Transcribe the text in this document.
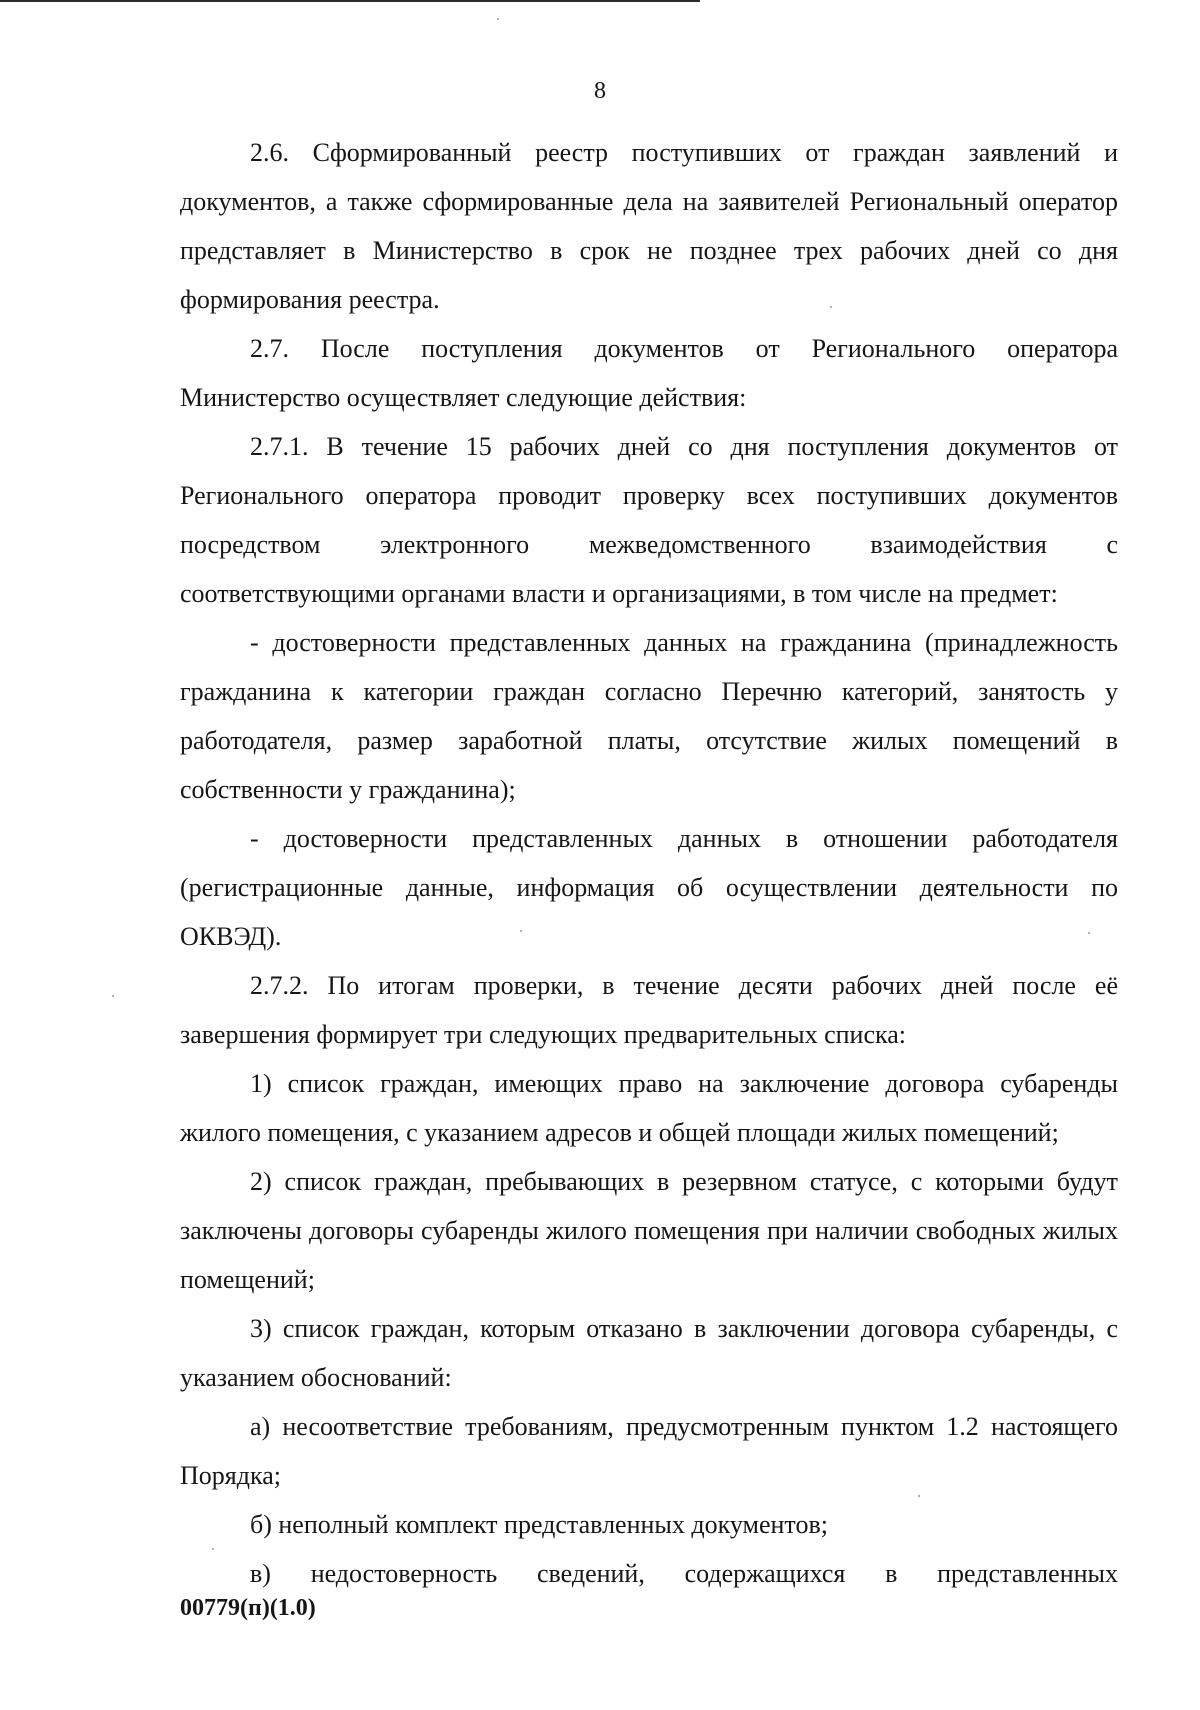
8

2.6. Сформированный реестр поступивших от граждан заявлений и документов, а также сформированные дела на заявителей Региональный оператор представляет в Министерство в срок не позднее трех рабочих дней со дня формирования реестра.

2.7. После поступления документов от Регионального оператора Министерство осуществляет следующие действия:

2.7.1. В течение 15 рабочих дней со дня поступления документов от Регионального оператора проводит проверку всех поступивших документов посредством электронного межведомственного взаимодействия с соответствующими органами власти и организациями, в том числе на предмет:

- достоверности представленных данных на гражданина (принадлежность гражданина к категории граждан согласно Перечню категорий, занятость у работодателя, размер заработной платы, отсутствие жилых помещений в собственности у гражданина);

- достоверности представленных данных в отношении работодателя (регистрационные данные, информация об осуществлении деятельности по ОКВЭД).

2.7.2. По итогам проверки, в течение десяти рабочих дней после её завершения формирует три следующих предварительных списка:

1) список граждан, имеющих право на заключение договора субаренды жилого помещения, с указанием адресов и общей площади жилых помещений;

2) список граждан, пребывающих в резервном статусе, с которыми будут заключены договоры субаренды жилого помещения при наличии свободных жилых помещений;

3) список граждан, которым отказано в заключении договора субаренды, с указанием обоснований:

а) несоответствие требованиям, предусмотренным пунктом 1.2 настоящего Порядка;

б) неполный комплект представленных документов;

в) недостоверность сведений, содержащихся в представленных

00779(п)(1.0)
